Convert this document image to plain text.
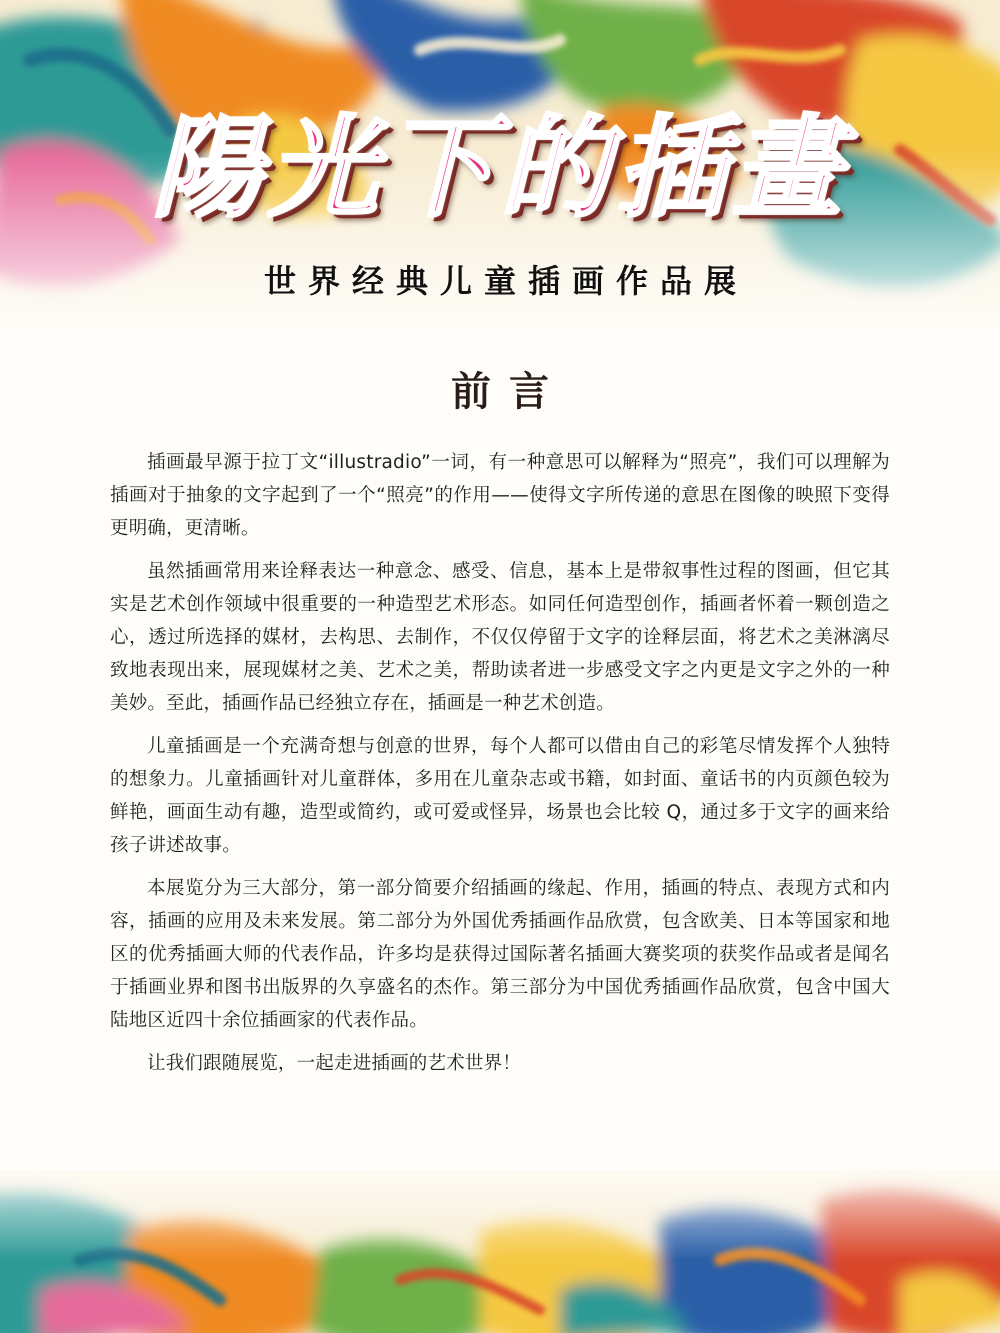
陽光下的插畫
世界经典儿童插画作品展
前言

插画最早源于拉丁文“illustradio”一词，有一种意思可以解释为“照亮”，我们可以理解为插画对于抽象的文字起到了一个“照亮”的作用——使得文字所传递的意思在图像的映照下变得更明确，更清晰。

虽然插画常用来诠释表达一种意念、感受、信息，基本上是带叙事性过程的图画，但它其实是艺术创作领域中很重要的一种造型艺术形态。如同任何造型创作，插画者怀着一颗创造之心，透过所选择的媒材，去构思、去制作，不仅仅停留于文字的诠释层面，将艺术之美淋漓尽致地表现出来，展现媒材之美、艺术之美，帮助读者进一步感受文字之内更是文字之外的一种美妙。至此，插画作品已经独立存在，插画是一种艺术创造。

儿童插画是一个充满奇想与创意的世界，每个人都可以借由自己的彩笔尽情发挥个人独特的想象力。儿童插画针对儿童群体，多用在儿童杂志或书籍，如封面、童话书的内页颜色较为鲜艳，画面生动有趣，造型或简约，或可爱或怪异，场景也会比较 Q，通过多于文字的画来给孩子讲述故事。

本展览分为三大部分，第一部分简要介绍插画的缘起、作用，插画的特点、表现方式和内容，插画的应用及未来发展。第二部分为外国优秀插画作品欣赏，包含欧美、日本等国家和地区的优秀插画大师的代表作品，许多均是获得过国际著名插画大赛奖项的获奖作品或者是闻名于插画业界和图书出版界的久享盛名的杰作。第三部分为中国优秀插画作品欣赏，包含中国大陆地区近四十余位插画家的代表作品。

让我们跟随展览，一起走进插画的艺术世界！
